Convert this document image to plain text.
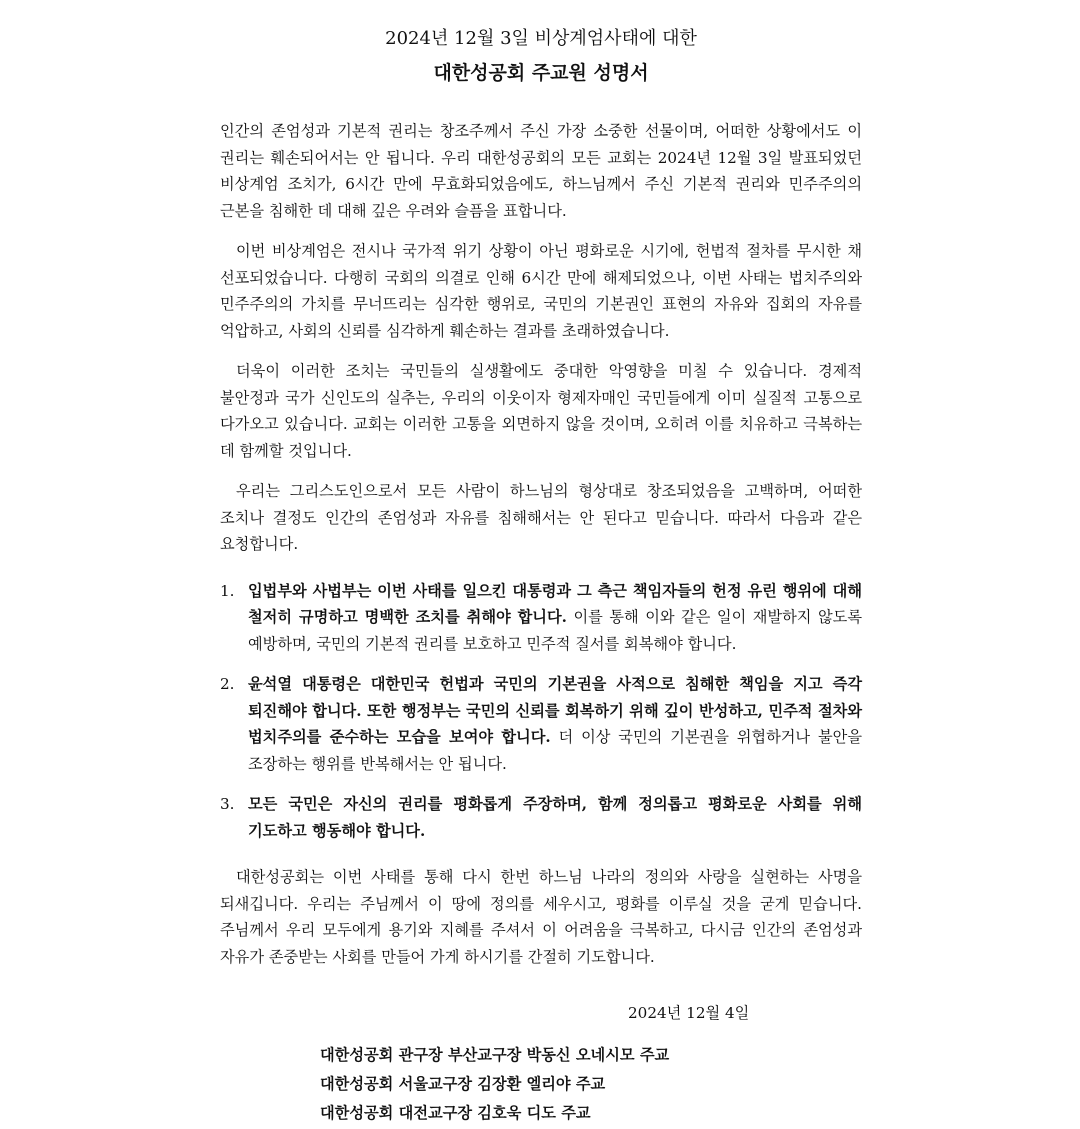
2024년 12월 3일 비상계엄사태에 대한
대한성공회 주교원 성명서

인간의 존엄성과 기본적 권리는 창조주께서 주신 가장 소중한 선물이며, 어떠한 상황에서도 이 권리는 훼손되어서는 안 됩니다. 우리 대한성공회의 모든 교회는 2024년 12월 3일 발표되었던 비상계엄 조치가, 6시간 만에 무효화되었음에도, 하느님께서 주신 기본적 권리와 민주주의의 근본을 침해한 데 대해 깊은 우려와 슬픔을 표합니다.

이번 비상계엄은 전시나 국가적 위기 상황이 아닌 평화로운 시기에, 헌법적 절차를 무시한 채 선포되었습니다. 다행히 국회의 의결로 인해 6시간 만에 해제되었으나, 이번 사태는 법치주의와 민주주의의 가치를 무너뜨리는 심각한 행위로, 국민의 기본권인 표현의 자유와 집회의 자유를 억압하고, 사회의 신뢰를 심각하게 훼손하는 결과를 초래하였습니다.

더욱이 이러한 조치는 국민들의 실생활에도 중대한 악영향을 미칠 수 있습니다. 경제적 불안정과 국가 신인도의 실추는, 우리의 이웃이자 형제자매인 국민들에게 이미 실질적 고통으로 다가오고 있습니다. 교회는 이러한 고통을 외면하지 않을 것이며, 오히려 이를 치유하고 극복하는 데 함께할 것입니다.

우리는 그리스도인으로서 모든 사람이 하느님의 형상대로 창조되었음을 고백하며, 어떠한 조치나 결정도 인간의 존엄성과 자유를 침해해서는 안 된다고 믿습니다. 따라서 다음과 같은 요청합니다.

1. 입법부와 사법부는 이번 사태를 일으킨 대통령과 그 측근 책임자들의 헌정 유린 행위에 대해 철저히 규명하고 명백한 조치를 취해야 합니다. 이를 통해 이와 같은 일이 재발하지 않도록 예방하며, 국민의 기본적 권리를 보호하고 민주적 질서를 회복해야 합니다.
2. 윤석열 대통령은 대한민국 헌법과 국민의 기본권을 사적으로 침해한 책임을 지고 즉각 퇴진해야 합니다. 또한 행정부는 국민의 신뢰를 회복하기 위해 깊이 반성하고, 민주적 절차와 법치주의를 준수하는 모습을 보여야 합니다. 더 이상 국민의 기본권을 위협하거나 불안을 조장하는 행위를 반복해서는 안 됩니다.
3. 모든 국민은 자신의 권리를 평화롭게 주장하며, 함께 정의롭고 평화로운 사회를 위해 기도하고 행동해야 합니다.

대한성공회는 이번 사태를 통해 다시 한번 하느님 나라의 정의와 사랑을 실현하는 사명을 되새깁니다. 우리는 주님께서 이 땅에 정의를 세우시고, 평화를 이루실 것을 굳게 믿습니다. 주님께서 우리 모두에게 용기와 지혜를 주셔서 이 어려움을 극복하고, 다시금 인간의 존엄성과 자유가 존중받는 사회를 만들어 가게 하시기를 간절히 기도합니다.

2024년 12월 4일
대한성공회 관구장 부산교구장 박동신 오네시모 주교
대한성공회 서울교구장 김장환 엘리야 주교
대한성공회 대전교구장 김호욱 디도 주교
